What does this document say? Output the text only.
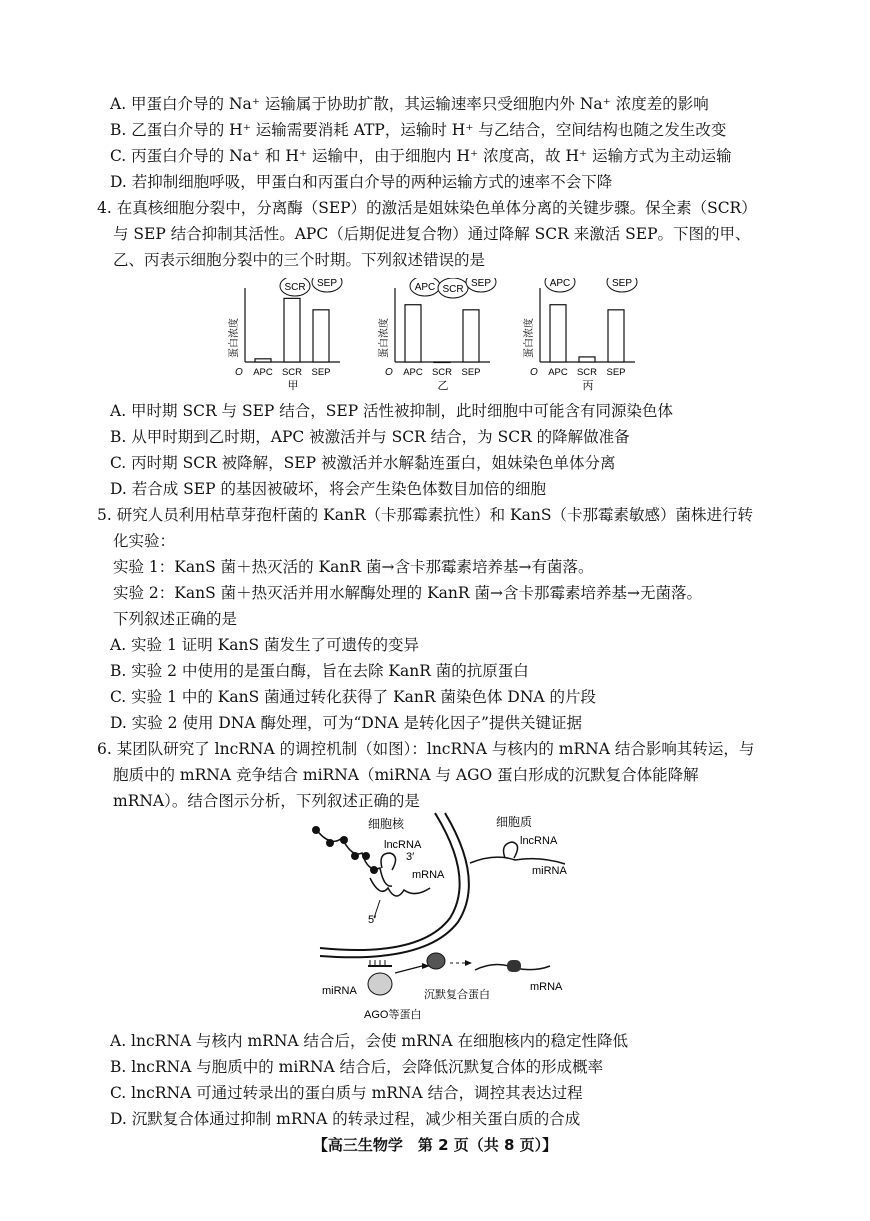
A. 甲蛋白介导的 Na⁺ 运输属于协助扩散，其运输速率只受细胞内外 Na⁺ 浓度差的影响
B. 乙蛋白介导的 H⁺ 运输需要消耗 ATP，运输时 H⁺ 与乙结合，空间结构也随之发生改变
C. 丙蛋白介导的 Na⁺ 和 H⁺ 运输中，由于细胞内 H⁺ 浓度高，故 H⁺ 运输方式为主动运输
D. 若抑制细胞呼吸，甲蛋白和丙蛋白介导的两种运输方式的速率不会下降
4. 在真核细胞分裂中，分离酶（SEP）的激活是姐妹染色单体分离的关键步骤。保全素（SCR）
与 SEP 结合抑制其活性。APC（后期促进复合物）通过降解 SCR 来激活 SEP。下图的甲、
乙、丙表示细胞分裂中的三个时期。下列叙述错误的是
蛋白浓度
O APC SCR SEP
甲
SCR SEP
蛋白浓度
O APC SCR SEP
乙
APC SCR
SEP
蛋白浓度
O APC SCR SEP
丙
APC	SEP
A. 甲时期 SCR 与 SEP 结合，SEP 活性被抑制，此时细胞中可能含有同源染色体
B. 从甲时期到乙时期，APC 被激活并与 SCR 结合，为 SCR 的降解做准备
C. 丙时期 SCR 被降解，SEP 被激活并水解黏连蛋白，姐妹染色单体分离
D. 若合成 SEP 的基因被破坏，将会产生染色体数目加倍的细胞
5. 研究人员利用枯草芽孢杆菌的 KanR（卡那霉素抗性）和 KanS（卡那霉素敏感）菌株进行转
化实验：
实验 1：KanS 菌＋热灭活的 KanR 菌→含卡那霉素培养基→有菌落。
实验 2：KanS 菌＋热灭活并用水解酶处理的 KanR 菌→含卡那霉素培养基→无菌落。
下列叙述正确的是
A. 实验 1 证明 KanS 菌发生了可遗传的变异
B. 实验 2 中使用的是蛋白酶，旨在去除 KanR 菌的抗原蛋白
C. 实验 1 中的 KanS 菌通过转化获得了 KanR 菌染色体 DNA 的片段
D. 实验 2 使用 DNA 酶处理，可为“DNA 是转化因子”提供关键证据
6. 某团队研究了 lncRNA 的调控机制（如图）：lncRNA 与核内的 mRNA 结合影响其转运，与
胞质中的 mRNA 竞争结合 miRNA（miRNA 与 AGO 蛋白形成的沉默复合体能降解
mRNA）。结合图示分析，下列叙述正确的是
细胞核
lncRNA
3′
mRNA
5′
细胞质
lncRNA
miRNA
miRNA	沉默复合蛋白
mRNA
AGO等蛋白
A. lncRNA 与核内 mRNA 结合后，会使 mRNA 在细胞核内的稳定性降低
B. lncRNA 与胞质中的 miRNA 结合后，会降低沉默复合体的形成概率
C. lncRNA 可通过转录出的蛋白质与 mRNA 结合，调控其表达过程
D. 沉默复合体通过抑制 mRNA 的转录过程，减少相关蛋白质的合成
【高三生物学　第 2 页（共 8 页）】
